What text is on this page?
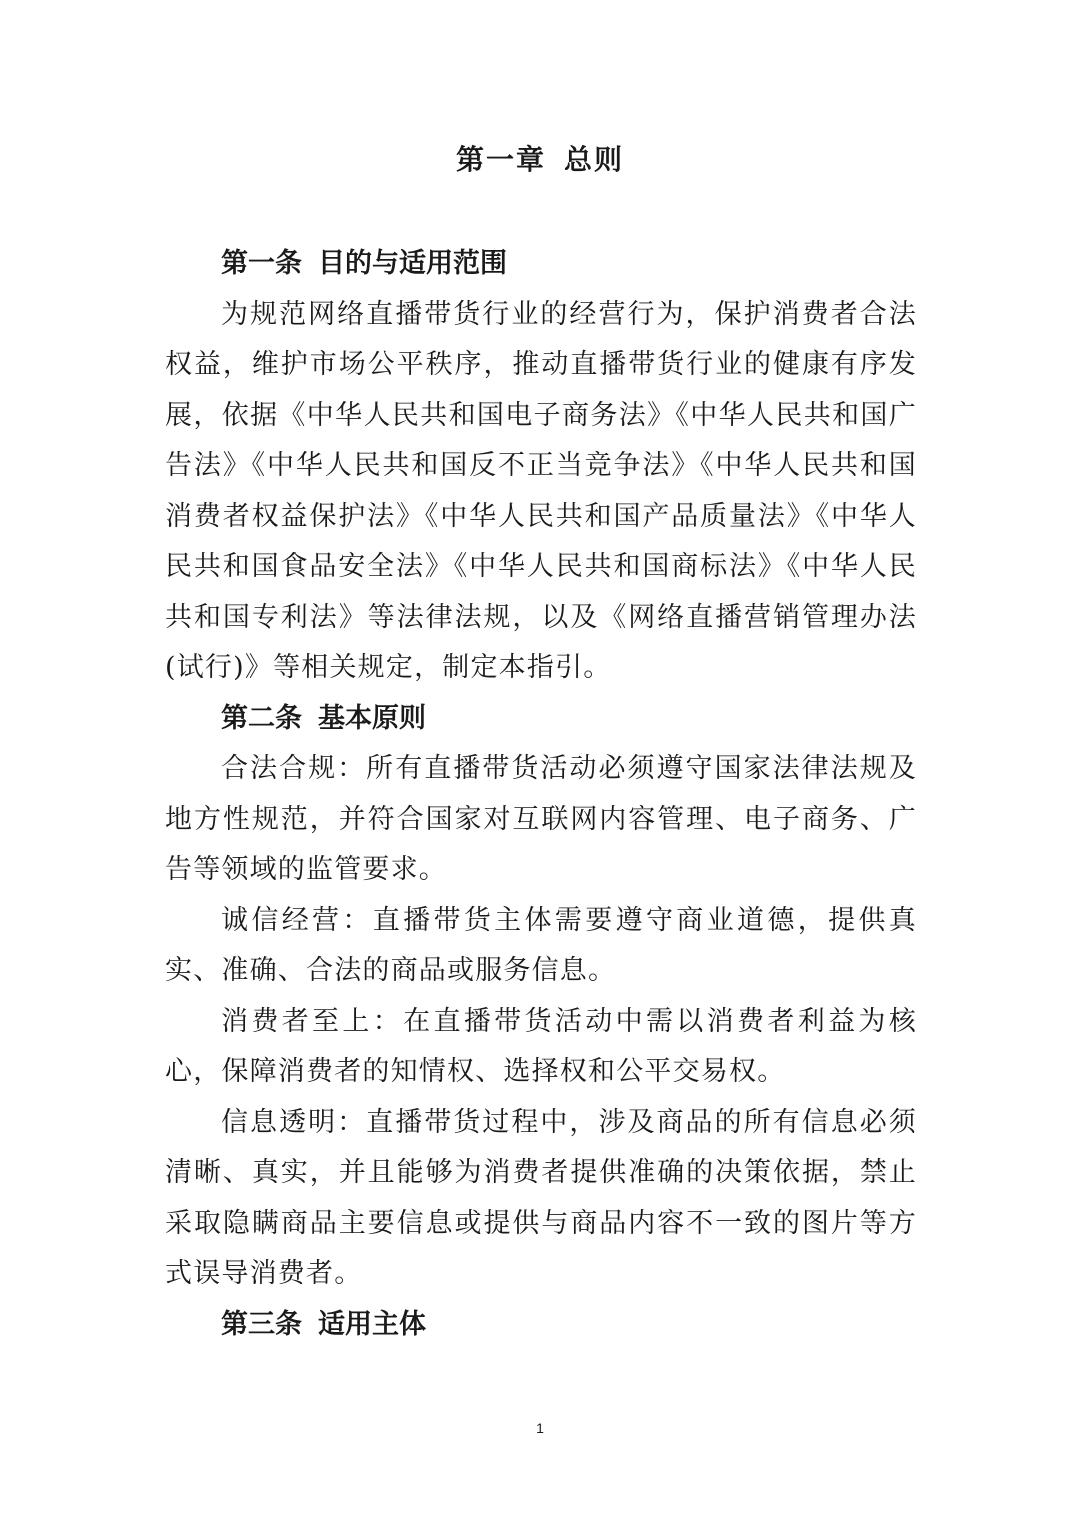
第一章 总则
第一条 目的与适用范围

为规范网络直播带货行业的经营行为，保护消费者合法权益，维护市场公平秩序，推动直播带货行业的健康有序发展，依据《中华人民共和国电子商务法》《中华人民共和国广告法》《中华人民共和国反不正当竞争法》《中华人民共和国消费者权益保护法》《中华人民共和国产品质量法》《中华人民共和国食品安全法》《中华人民共和国商标法》《中华人民共和国专利法》等法律法规，以及《网络直播营销管理办法(试行)》等相关规定，制定本指引。

第二条 基本原则

合法合规：所有直播带货活动必须遵守国家法律法规及地方性规范，并符合国家对互联网内容管理、电子商务、广告等领域的监管要求。

诚信经营：直播带货主体需要遵守商业道德，提供真实、准确、合法的商品或服务信息。

消费者至上：在直播带货活动中需以消费者利益为核心，保障消费者的知情权、选择权和公平交易权。

信息透明：直播带货过程中，涉及商品的所有信息必须清晰、真实，并且能够为消费者提供准确的决策依据，禁止采取隐瞒商品主要信息或提供与商品内容不一致的图片等方式误导消费者。

第三条 适用主体
1
